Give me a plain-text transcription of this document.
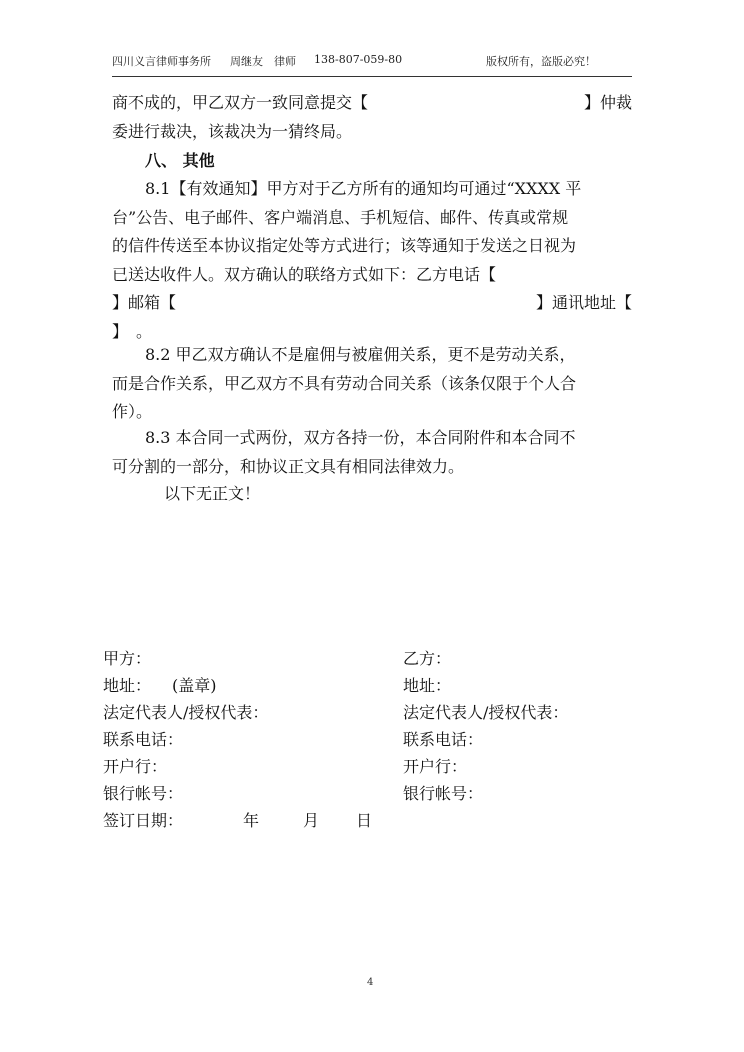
四川义言律师事务所 周继友　律师 138-807-059-80	版权所有，盗版必究！
商不成的，甲乙双方一致同意提交【	】仲裁
委进行裁决，该裁决为一猜终局。
八、 其他
8.1【有效通知】甲方对于乙方所有的通知均可通过“XXXX 平
台”公告、电子邮件、客户端消息、手机短信、邮件、传真或常规
的信件传送至本协议指定处等方式进行；该等通知于发送之日视为
已送达收件人。双方确认的联络方式如下：乙方电话【
】邮箱【	】通讯地址【
】　。
8.2 甲乙双方确认不是雇佣与被雇佣关系，更不是劳动关系，
而是合作关系，甲乙双方不具有劳动合同关系（该条仅限于个人合
作）。
8.3 本合同一式两份，双方各持一份，本合同附件和本合同不
可分割的一部分，和协议正文具有相同法律效力。
以下无正文！
甲方：	乙方：
地址： (盖章)	地址：
法定代表人/授权代表：	法定代表人/授权代表：
联系电话：	联系电话：
开户行：	开户行：
银行帐号：	银行帐号：
签订日期：	年	月 日
4
